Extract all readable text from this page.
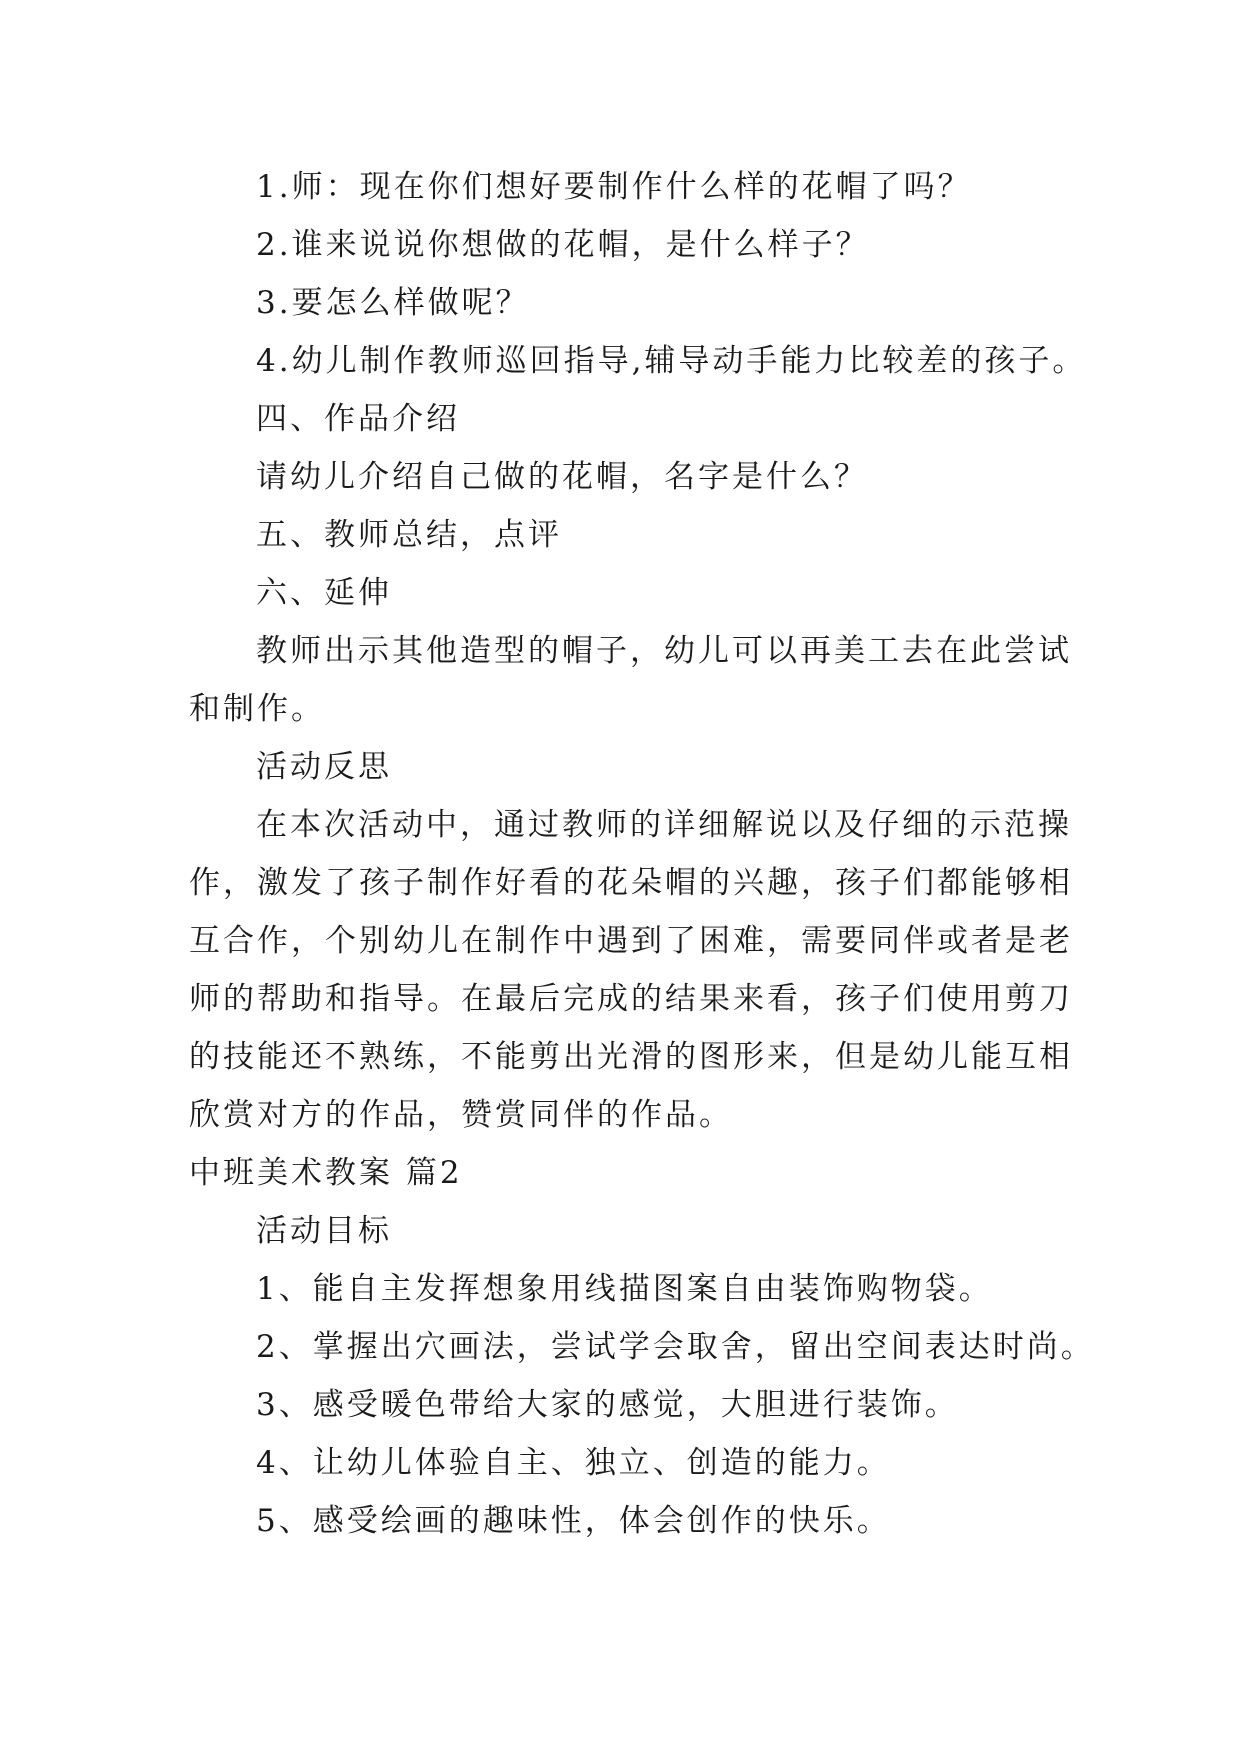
1.师：现在你们想好要制作什么样的花帽了吗？
2.谁来说说你想做的花帽，是什么样子？
3.要怎么样做呢？
4.幼儿制作教师巡回指导,辅导动手能力比较差的孩子。
四、作品介绍
请幼儿介绍自己做的花帽，名字是什么？
五、教师总结，点评
六、延伸
教师出示其他造型的帽子，幼儿可以再美工去在此尝试
和制作。
活动反思
在本次活动中，通过教师的详细解说以及仔细的示范操
作，激发了孩子制作好看的花朵帽的兴趣，孩子们都能够相
互合作，个别幼儿在制作中遇到了困难，需要同伴或者是老
师的帮助和指导。在最后完成的结果来看，孩子们使用剪刀
的技能还不熟练，不能剪出光滑的图形来，但是幼儿能互相
欣赏对方的作品，赞赏同伴的作品。
中班美术教案 篇2
活动目标
1、能自主发挥想象用线描图案自由装饰购物袋。
2、掌握出穴画法，尝试学会取舍，留出空间表达时尚。
3、感受暖色带给大家的感觉，大胆进行装饰。
4、让幼儿体验自主、独立、创造的能力。
5、感受绘画的趣味性，体会创作的快乐。
